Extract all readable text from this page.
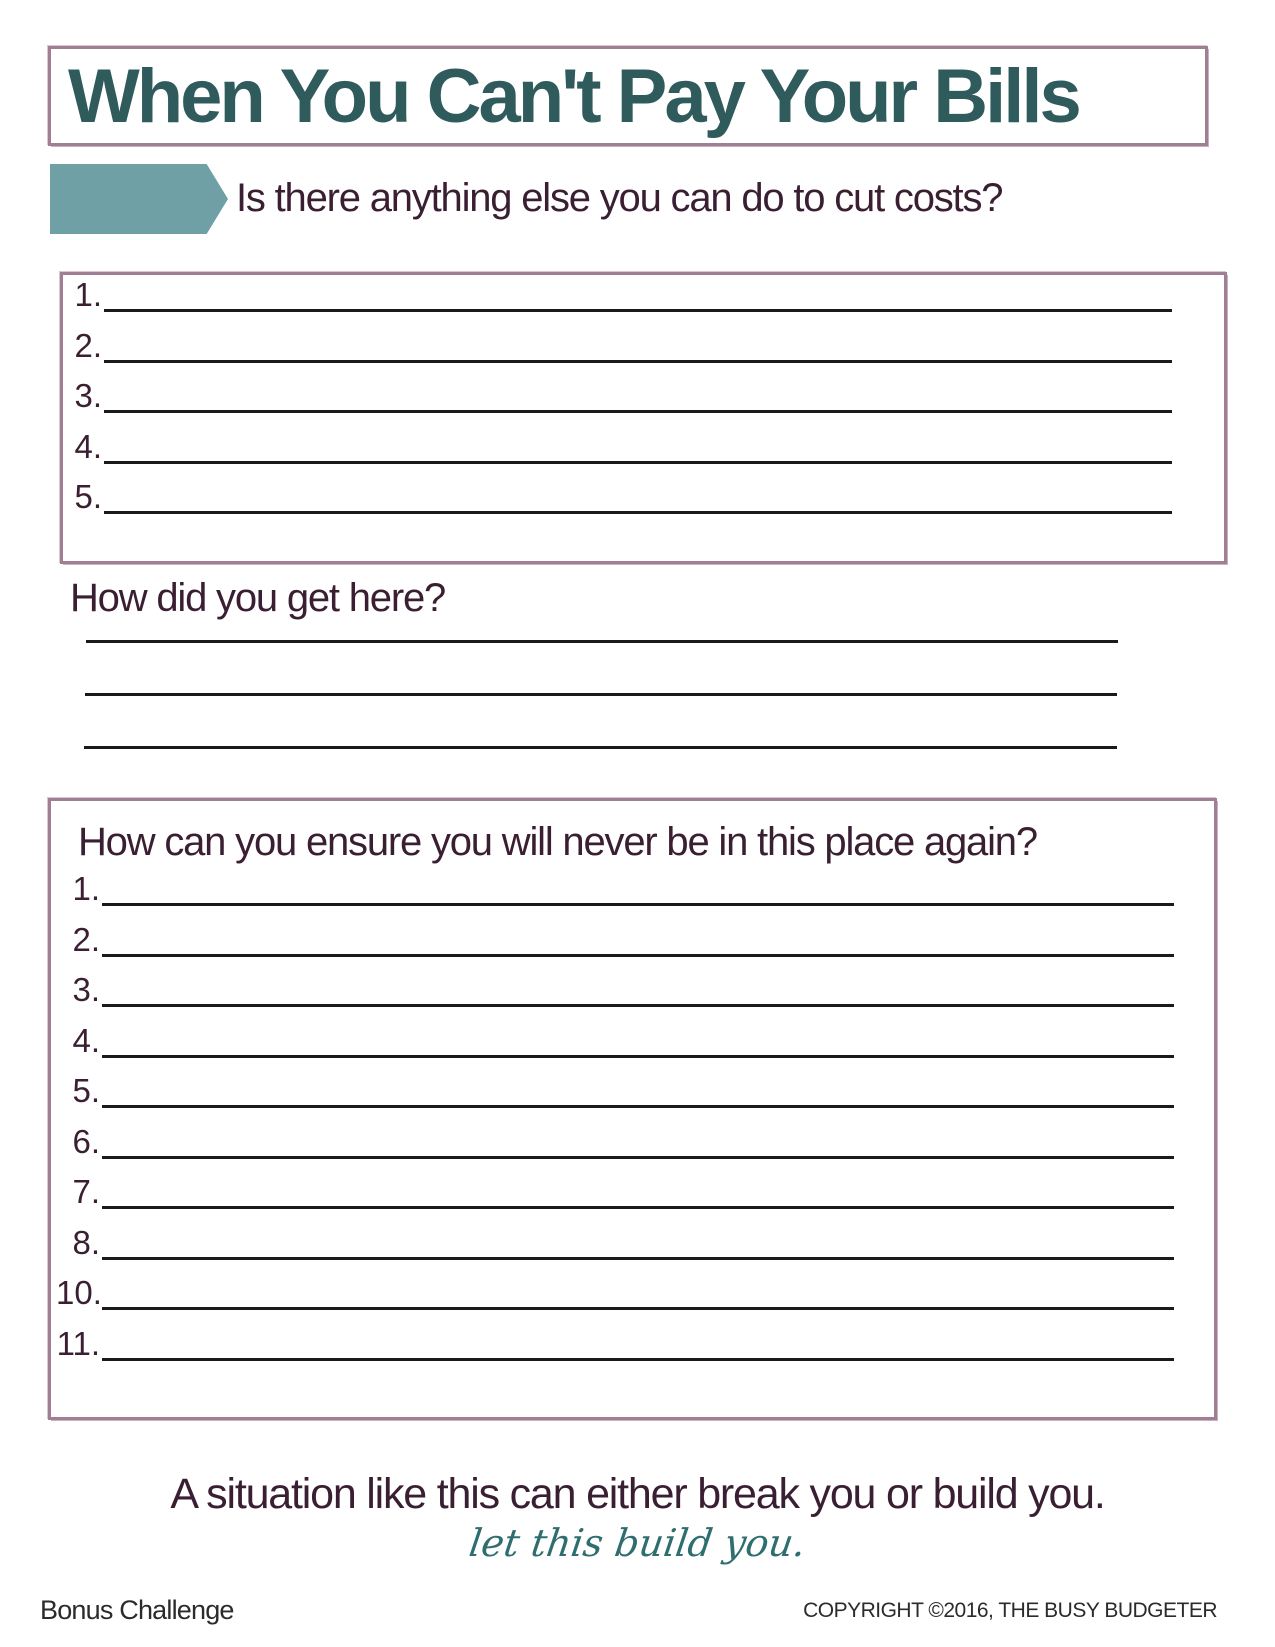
When You Can't Pay Your Bills
Is there anything else you can do to cut costs?
1.
2.
3.
4.
5.
How did you get here?
How can you ensure you will never be in this place again?
1.
2.
3.
4.
5.
6.
7.
8.
10.
11.

A situation like this can either break you or build you.

let this build you.
Bonus Challenge	COPYRIGHT ©2016, THE BUSY BUDGETER
